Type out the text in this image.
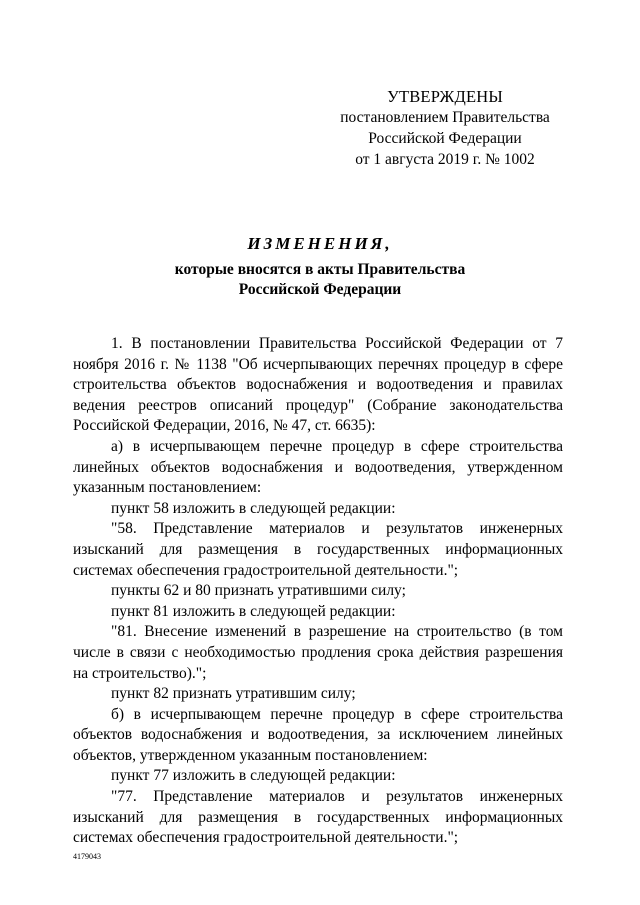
УТВЕРЖДЕНЫ
постановлением Правительства
Российской Федерации
от 1 августа 2019 г. № 1002
ИЗМЕНЕНИЯ,
которые вносятся в акты Правительства
Российской Федерации

1. В постановлении Правительства Российской Федерации от 7 ноября 2016 г. № 1138 "Об исчерпывающих перечнях процедур в сфере строительства объектов водоснабжения и водоотведения и правилах ведения реестров описаний процедур" (Собрание законодательства Российской Федерации, 2016, № 47, ст. 6635):

а) в исчерпывающем перечне процедур в сфере строительства линейных объектов водоснабжения и водоотведения, утвержденном указанным постановлением:

пункт 58 изложить в следующей редакции:

"58. Представление материалов и результатов инженерных изысканий для размещения в государственных информационных системах обеспечения градостроительной деятельности.";

пункты 62 и 80 признать утратившими силу;

пункт 81 изложить в следующей редакции:

"81. Внесение изменений в разрешение на строительство (в том числе в связи с необходимостью продления срока действия разрешения на строительство).";

пункт 82 признать утратившим силу;

б) в исчерпывающем перечне процедур в сфере строительства объектов водоснабжения и водоотведения, за исключением линейных объектов, утвержденном указанным постановлением:

пункт 77 изложить в следующей редакции:

"77. Представление материалов и результатов инженерных изысканий для размещения в государственных информационных системах обеспечения градостроительной деятельности.";

4179043
